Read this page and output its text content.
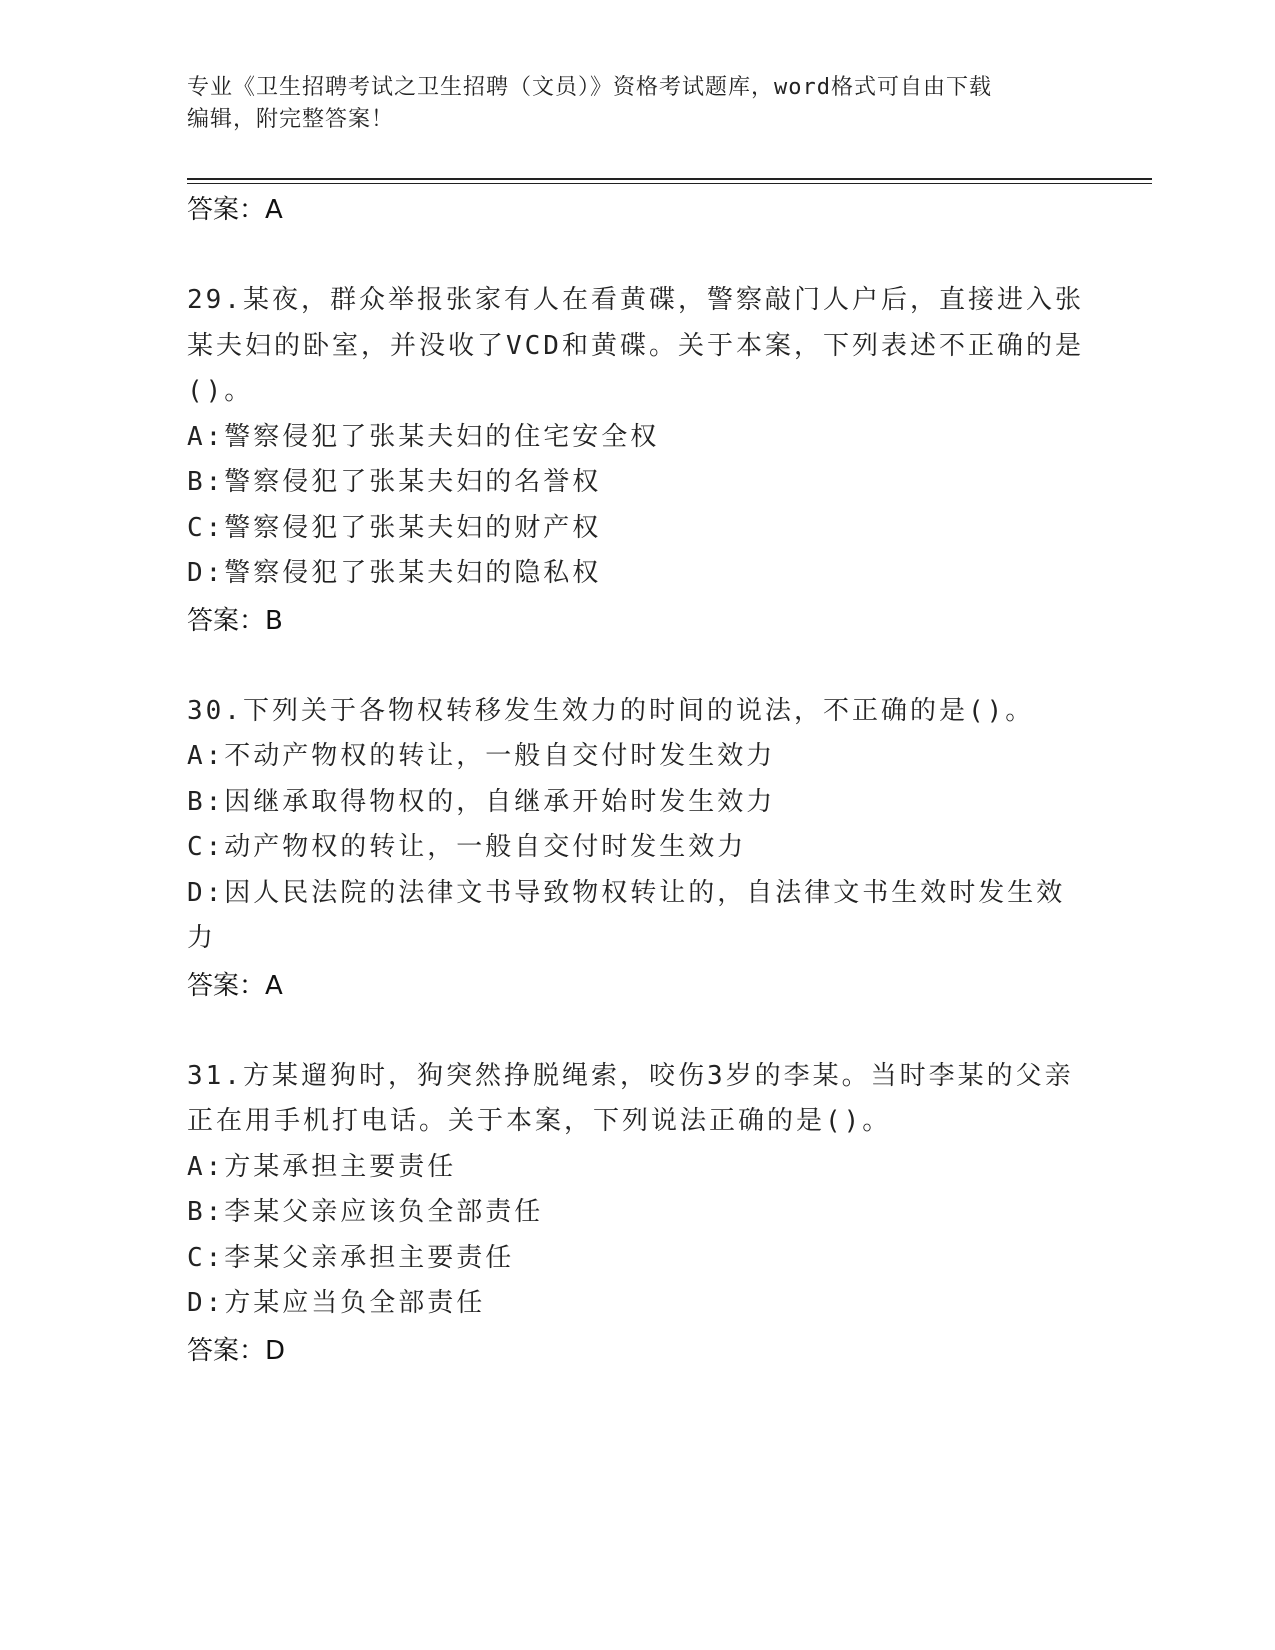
专业《卫生招聘考试之卫生招聘（文员）》资格考试题库，word格式可自由下载
编辑，附完整答案！
答案：A
29.某夜，群众举报张家有人在看黄碟，警察敲门人户后，直接进入张某夫妇的卧室，并没收了VCD和黄碟。关于本案，下列表述不正确的是()。
A:警察侵犯了张某夫妇的住宅安全权
B:警察侵犯了张某夫妇的名誉权
C:警察侵犯了张某夫妇的财产权
D:警察侵犯了张某夫妇的隐私权
答案：B
30.下列关于各物权转移发生效力的时间的说法，不正确的是()。
A:不动产物权的转让，一般自交付时发生效力
B:因继承取得物权的，自继承开始时发生效力
C:动产物权的转让，一般自交付时发生效力
D:因人民法院的法律文书导致物权转让的，自法律文书生效时发生效力
答案：A
31.方某遛狗时，狗突然挣脱绳索，咬伤3岁的李某。当时李某的父亲正在用手机打电话。关于本案，下列说法正确的是()。
A:方某承担主要责任
B:李某父亲应该负全部责任
C:李某父亲承担主要责任
D:方某应当负全部责任
答案：D
